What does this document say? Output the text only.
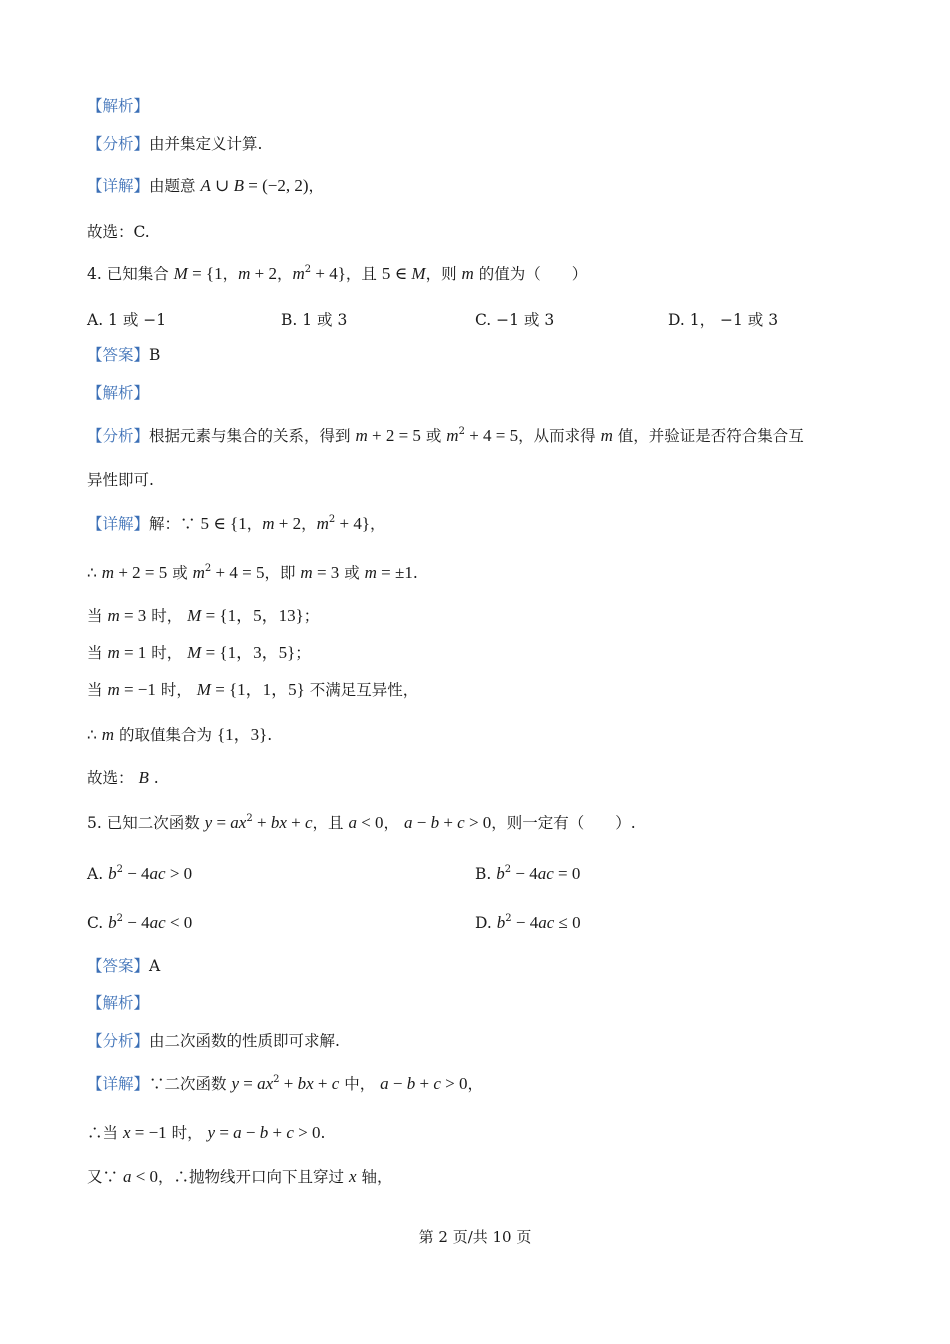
【解析】
【分析】由并集定义计算.
【详解】由题意 A ∪ B = (−2, 2)，
故选：C.
4. 已知集合 M = {1，m + 2，$m^2 + 4$}，且 5 ∈ M，则 m 的值为（　　）
A. 1 或 −1	B. 1 或 3	C. −1 或 3	D. 1， −1 或 3
【答案】B
【解析】
【分析】根据元素与集合的关系，得到 m + 2 = 5 或 $m^2 + 4 = 5$，从而求得 m 值，并验证是否符合集合互
异性即可.
【详解】解：∵ 5 ∈ {1，m + 2，$m^2 + 4$}，
∴ m + 2 = 5 或 $m^2 + 4 = 5$，即 m = 3 或 m = ±1.
当 m = 3 时， M = {1，5，13}；
当 m = 1 时， M = {1，3，5}；
当 m = −1 时， M = {1，1，5} 不满足互异性，
∴ m 的取值集合为 {1，3}.
故选： B .
5. 已知二次函数 $y = ax^2$ + bx + c，且 a < 0， a − b + c > 0，则一定有（　　）.
A. $b^2 - 4ac > 0$	B. $b^2 - 4ac = 0$
C. $b^2 - 4ac < 0$	D. $b^2 - 4ac \le 0$
【答案】A
【解析】
【分析】由二次函数的性质即可求解.
【详解】∵二次函数 $y = ax^2$ + bx + c 中， a − b + c > 0，
∴当 x = −1 时， y = a − b + c > 0.
又∵ a < 0，∴抛物线开口向下且穿过 x 轴，
第 2 页/共 10 页
